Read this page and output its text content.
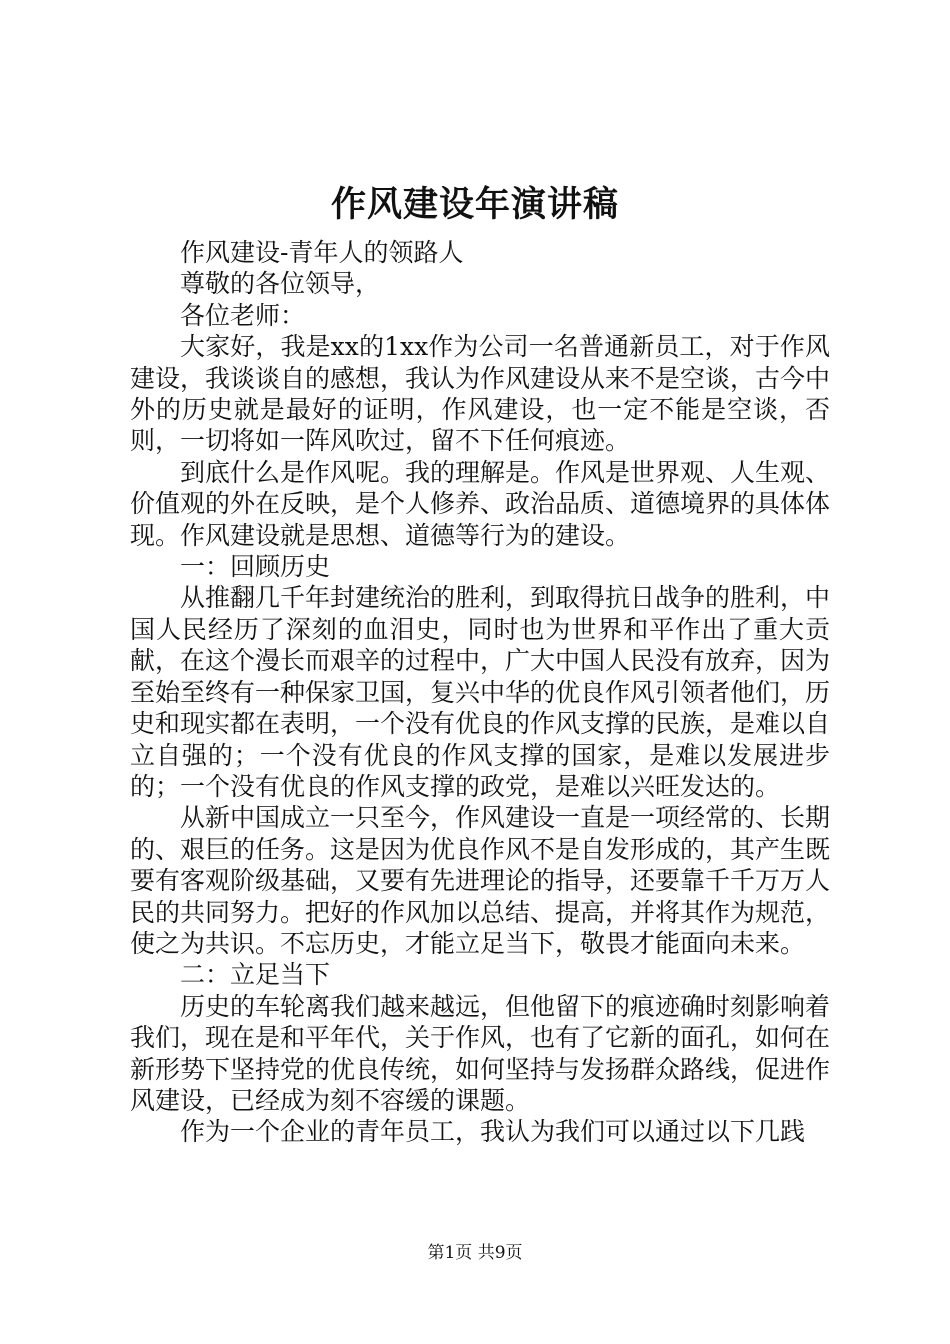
作风建设年演讲稿

作风建设-青年人的领路人

尊敬的各位领导，

各位老师：

大家好，我是xx的1xx作为公司一名普通新员工，对于作风建设，我谈谈自的感想，我认为作风建设从来不是空谈，古今中外的历史就是最好的证明，作风建设，也一定不能是空谈，否则，一切将如一阵风吹过，留不下任何痕迹。

到底什么是作风呢。我的理解是。作风是世界观、人生观、价值观的外在反映，是个人修养、政治品质、道德境界的具体体现。作风建设就是思想、道德等行为的建设。

一：回顾历史

从推翻几千年封建统治的胜利，到取得抗日战争的胜利，中国人民经历了深刻的血泪史，同时也为世界和平作出了重大贡献，在这个漫长而艰辛的过程中，广大中国人民没有放弃，因为至始至终有一种保家卫国，复兴中华的优良作风引领者他们，历史和现实都在表明，一个没有优良的作风支撑的民族，是难以自立自强的；一个没有优良的作风支撑的国家，是难以发展进步的；一个没有优良的作风支撑的政党，是难以兴旺发达的。

从新中国成立一只至今，作风建设一直是一项经常的、长期的、艰巨的任务。这是因为优良作风不是自发形成的，其产生既要有客观阶级基础，又要有先进理论的指导，还要靠千千万万人民的共同努力。把好的作风加以总结、提高，并将其作为规范，使之为共识。不忘历史，才能立足当下，敬畏才能面向未来。

二：立足当下

历史的车轮离我们越来越远，但他留下的痕迹确时刻影响着我们，现在是和平年代，关于作风，也有了它新的面孔，如何在新形势下坚持党的优良传统，如何坚持与发扬群众路线，促进作风建设，已经成为刻不容缓的课题。

作为一个企业的青年员工，我认为我们可以通过以下几践

第1页 共9页
